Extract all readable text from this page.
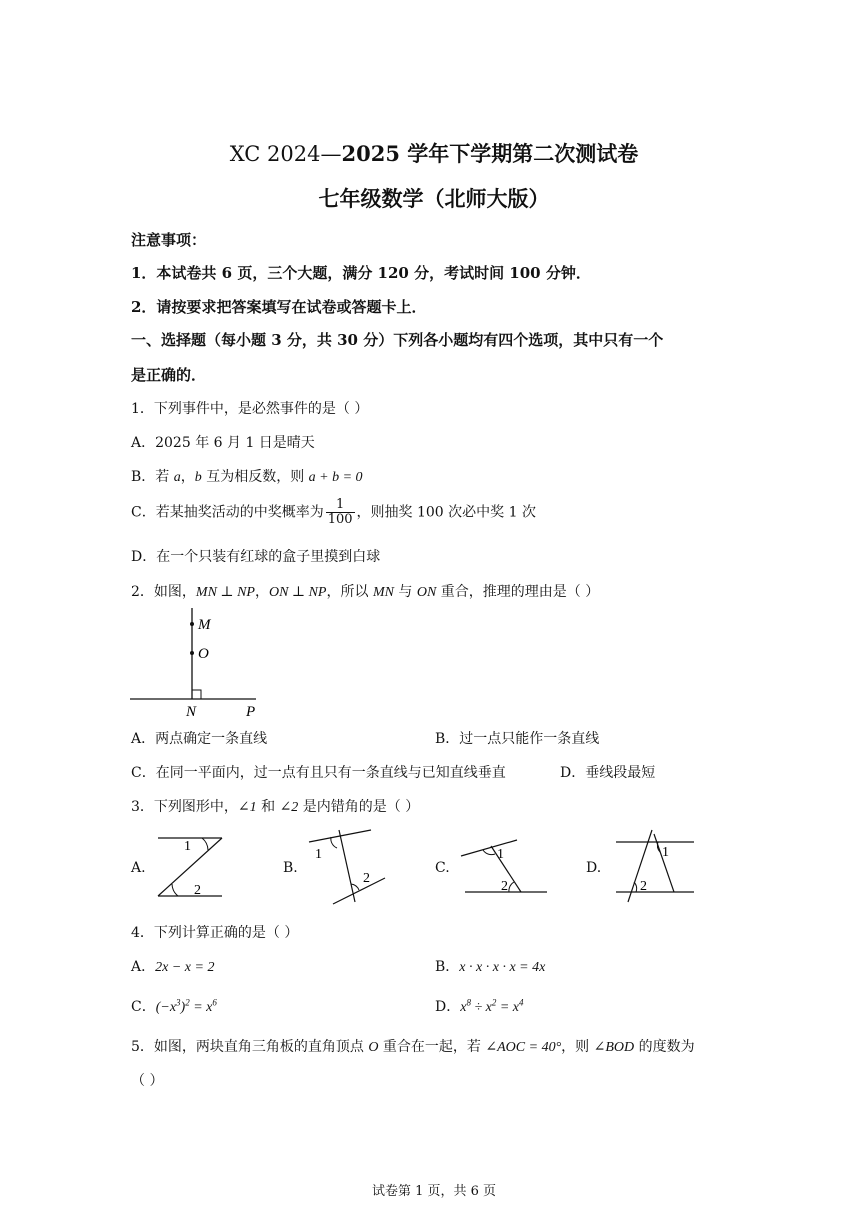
XC 2024—2025 学年下学期第二次测试卷
七年级数学（北师大版）
注意事项：
1．本试卷共 6 页，三个大题，满分 120 分，考试时间 100 分钟．
2．请按要求把答案填写在试卷或答题卡上．
一、选择题（每小题 3 分，共 30 分）下列各小题均有四个选项，其中只有一个
是正确的．
1．下列事件中，是必然事件的是（ ）
A．2025 年 6 月 1 日是晴天
B．若 a，b 互为相反数，则 a + b = 0
C．若某抽奖活动的中奖概率为 $\frac{1}{100}$ ，则抽奖 100 次必中奖 1 次
D．在一个只装有红球的盒子里摸到白球
2．如图，MN ⊥ NP，ON ⊥ NP，所以 MN 与 ON 重合，推理的理由是（ ）
M
O
N	P
A．两点确定一条直线	B．过一点只能作一条直线
C．在同一平面内，过一点有且只有一条直线与已知直线垂直	D．垂线段最短
3．下列图形中，∠1 和 ∠2 是内错角的是（ ）
A.
1
2
B.
1
2
C.
1
2
D.
1
2
4．下列计算正确的是（ ）
A．2x − x = 2	B．x · x · x · x = 4x
C．$(-x^3)^2 = x^6$	D．$x^8 \div x^2 = x^4$
5．如图，两块直角三角板的直角顶点 O 重合在一起，若 ∠AOC = 40°，则 ∠BOD 的度数为
（ ）
试卷第 1 页，共 6 页
